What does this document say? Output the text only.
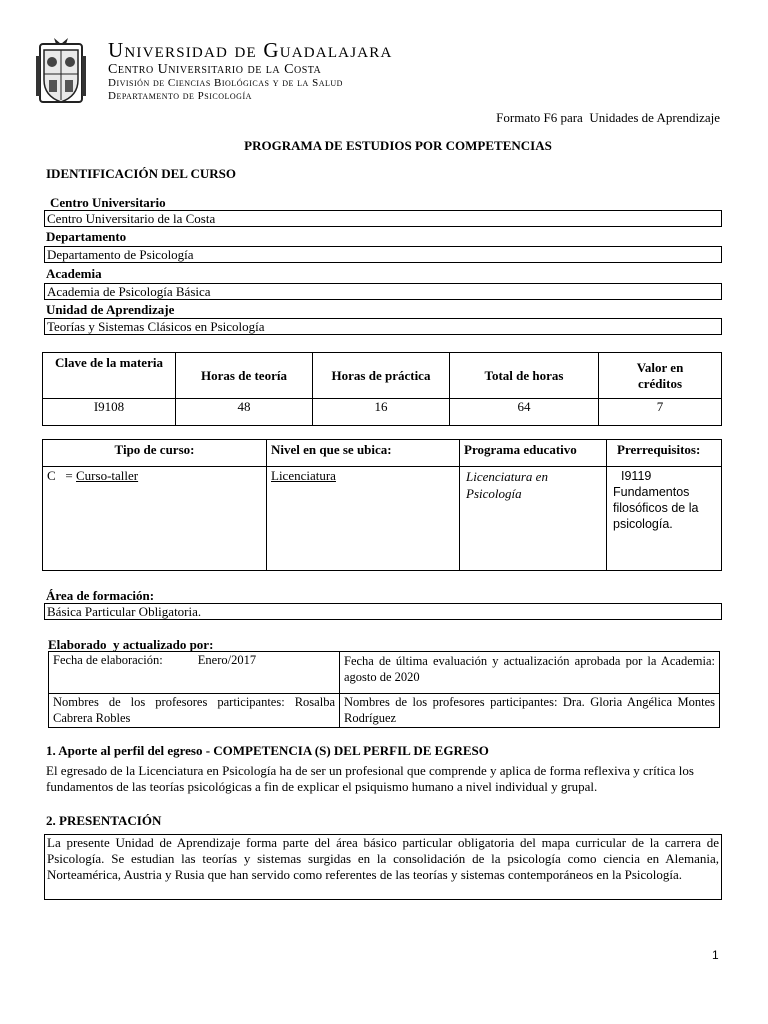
Universidad de Guadalajara
Centro Universitario de la Costa
División de Ciencias Biológicas y de la Salud
Departamento de Psicología
Formato F6 para  Unidades de Aprendizaje
PROGRAMA DE ESTUDIOS POR COMPETENCIAS
IDENTIFICACIÓN DEL CURSO
Centro Universitario
Centro Universitario de la Costa
Departamento
Departamento de Psicología
Academia
Academia de Psicología Básica
Unidad de Aprendizaje
Teorías y Sistemas Clásicos en Psicología
Clave de la materia	Horas de teoría	Horas de práctica	Total de horas	Valor en créditos
I9108	48	16	64	7
Tipo de curso:	Nivel en que se ubica:	Programa educativo	Prerrequisitos:
C   = Curso-taller	Licenciatura	Licenciatura en Psicología	I9119
Fundamentos filosóficos de la psicología.
Área de formación:
Básica Particular Obligatoria.
Elaborado  y actualizado por:
Fecha de elaboración: Enero/2017	Fecha de última evaluación y actualización aprobada por la Academia: agosto de 2020
Nombres de los profesores participantes: Rosalba Cabrera Robles	Nombres de los profesores participantes: Dra. Gloria Angélica Montes Rodríguez
1. Aporte al perfil del egreso - COMPETENCIA (S) DEL PERFIL DE EGRESO
El egresado de la Licenciatura en Psicología ha de ser un profesional que comprende y aplica de forma reflexiva y crítica los fundamentos de las teorías psicológicas a fin de explicar el psiquismo humano a nivel individual y grupal.
2. PRESENTACIÓN
La presente Unidad de Aprendizaje forma parte del área básico particular obligatoria del mapa curricular de la carrera de Psicología. Se estudian las teorías y sistemas surgidas en la consolidación de la psicología como ciencia en Alemania, Norteamérica, Austria y Rusia que han servido como referentes de las teorías y sistemas contemporáneos en la Psicología.
1
